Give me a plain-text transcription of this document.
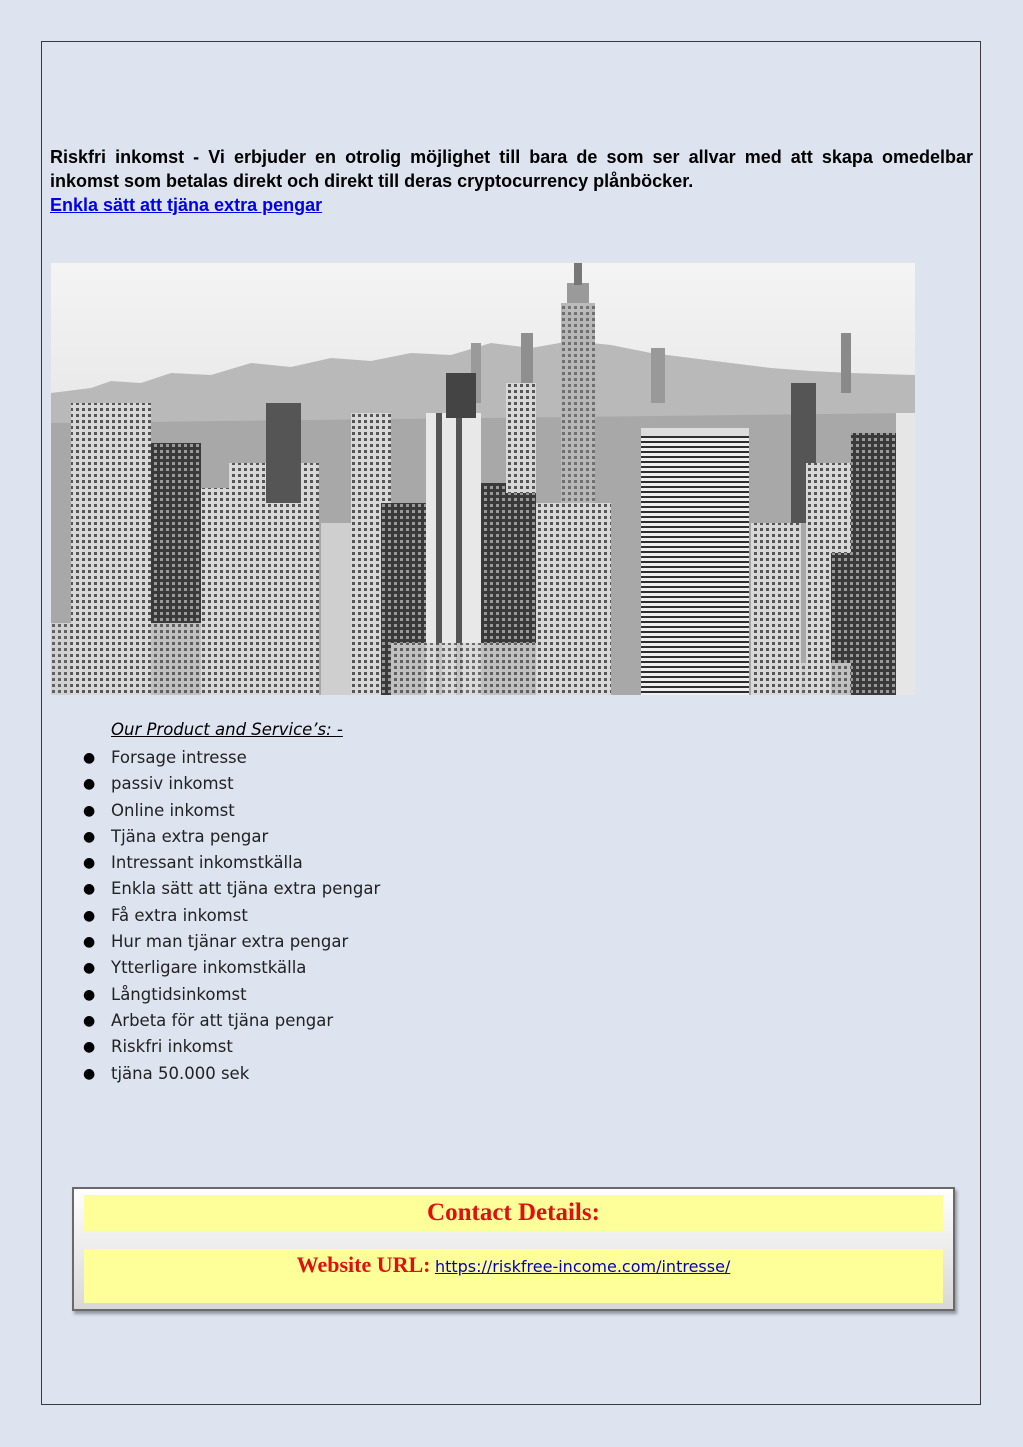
Riskfri inkomst - Vi erbjuder en otrolig möjlighet till bara de som ser allvar med att skapa omedelbar inkomst som betalas direkt och direkt till deras cryptocurrency plånböcker.

Enkla sätt att tjäna extra pengar
Our Product and Service’s: -
● Forsage intresse
● passiv inkomst
● Online inkomst
● Tjäna extra pengar
● Intressant inkomstkälla
● Enkla sätt att tjäna extra pengar
● Få extra inkomst
● Hur man tjänar extra pengar
● Ytterligare inkomstkälla
● Långtidsinkomst
● Arbeta för att tjäna pengar
● Riskfri inkomst
● tjäna 50.000 sek
Contact Details:
Website URL: https://riskfree-income.com/intresse/
